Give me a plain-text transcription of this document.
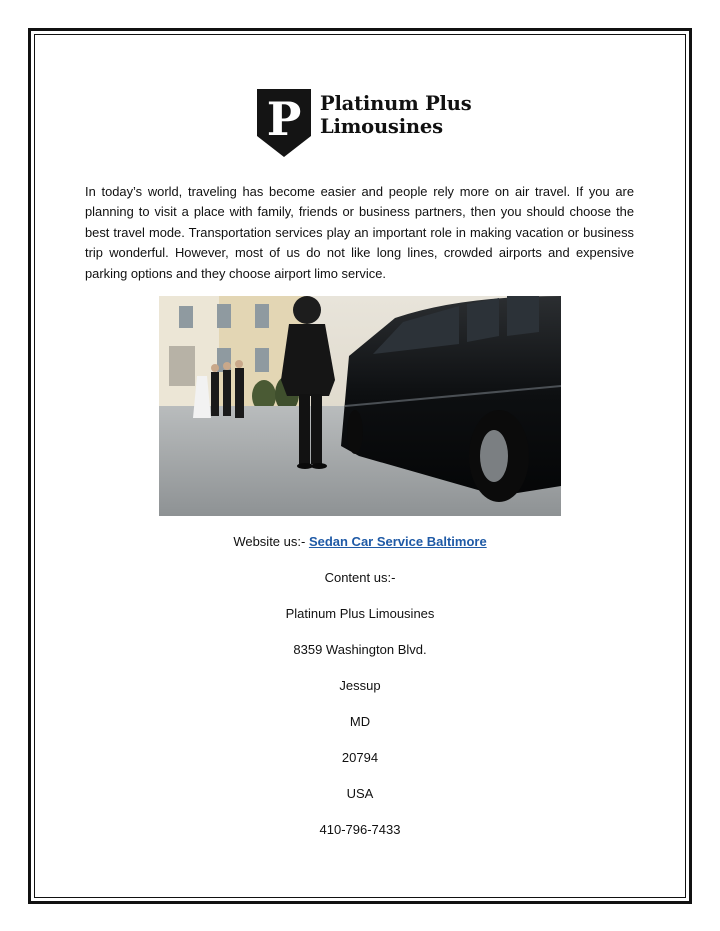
P Platinum Plus
Limousines

In today’s world, traveling has become easier and people rely more on air travel. If you are planning to visit a place with family, friends or business partners, then you should choose the best travel mode. Transportation services play an important role in making vacation or business trip wonderful. However, most of us do not like long lines, crowded airports and expensive parking options and they choose airport limo service.

Website us:- Sedan Car Service Baltimore
Content us:-
Platinum Plus Limousines
8359 Washington Blvd.
Jessup
MD
20794
USA
410-796-7433
